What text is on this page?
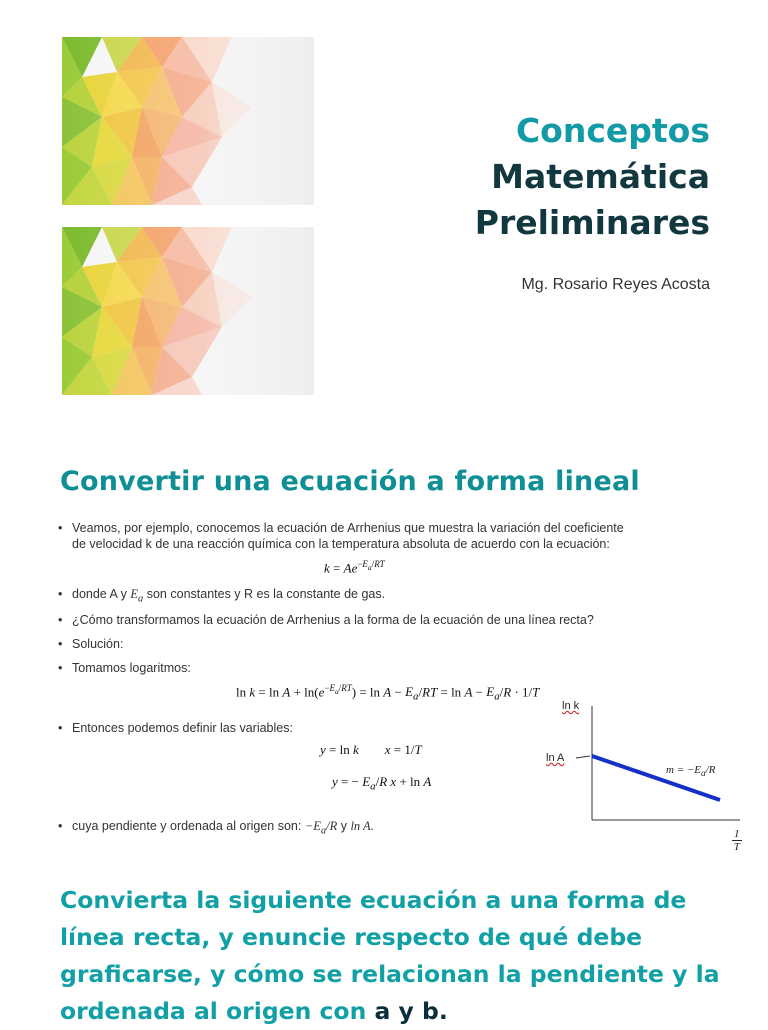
Conceptos
Matemática
Preliminares
Mg. Rosario Reyes Acosta
Convertir una ecuación a forma lineal
• Veamos, por ejemplo, conocemos la ecuación de Arrhenius que muestra la variación del coeficiente
de velocidad k de una reacción química con la temperatura absoluta de acuerdo con la ecuación:
$k = Ae^{-E_a/RT}$
• donde A y $E_a$ son constantes y R es la constante de gas.
• ¿Cómo transformamos la ecuación de Arrhenius a la forma de la ecuación de una línea recta?
• Solución:
• Tomamos logaritmos:
$\ln k = \ln A + \ln(e^{-E_a/RT}) = \ln A - E_a/RT = \ln A - E_a/R \cdot 1/T$
• Entonces podemos definir las variables:
y = ln k x = 1/T
y = − $E_a/R$ x + ln A
• cuya pendiente y ordenada al origen son: $-E_a/R$ y ln A.
ln k
ln A
$m = -E_a/R$
$\frac{1}{T}$
Convierta la siguiente ecuación a una forma de línea recta, y enuncie respecto de qué debe graficarse, y cómo se relacionan la pendiente y la ordenada al origen con a y b.
